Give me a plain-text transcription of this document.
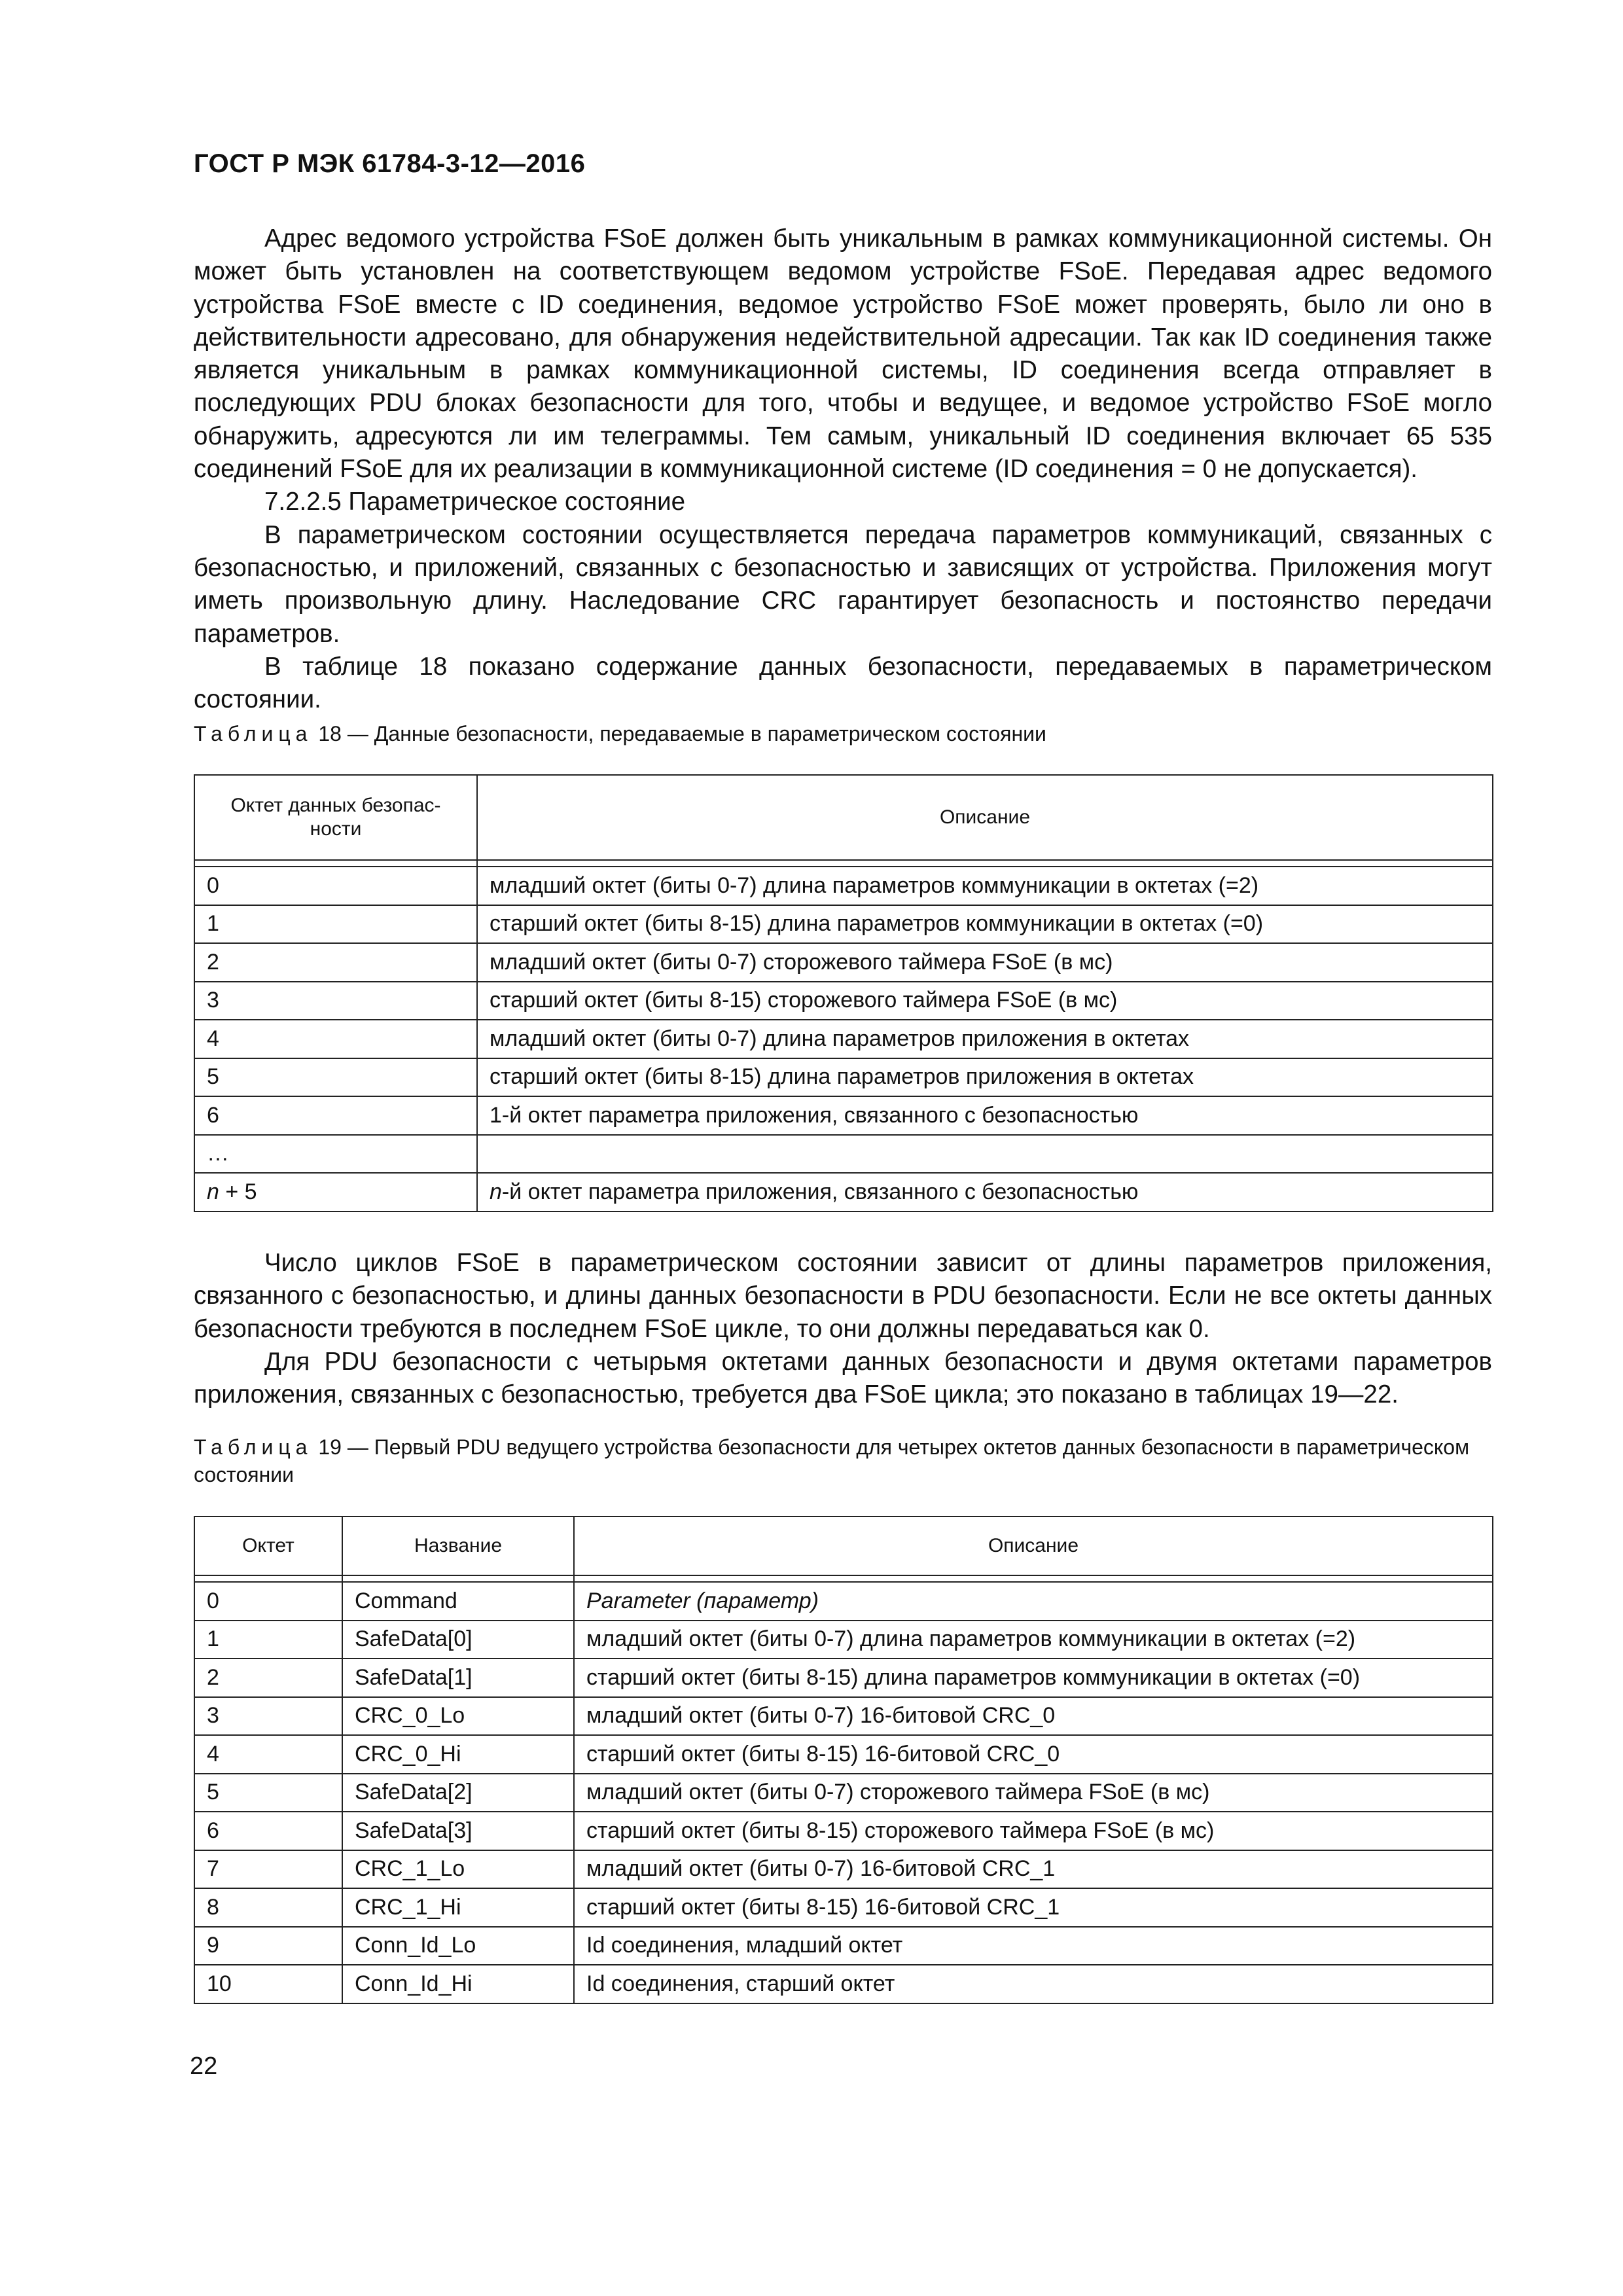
ГОСТ Р МЭК 61784-3-12—2016

Адрес ведомого устройства FSoE должен быть уникальным в рамках коммуникационной системы. Он может быть установлен на соответствующем ведомом устройстве FSoE. Передавая адрес ведомого устройства FSoE вместе с ID соединения, ведомое устройство FSoE может проверять, было ли оно в действительности адресовано, для обнаружения недействительной адресации. Так как ID соединения также является уникальным в рамках коммуникационной системы, ID соединения всегда отправляет в последующих PDU блоках безопасности для того, чтобы и ведущее, и ведомое устройство FSoE могло обнаружить, адресуются ли им телеграммы. Тем самым, уникальный ID соединения включает 65 535 соединений FSoE для их реализации в коммуникационной системе (ID соединения = 0 не допускается).

7.2.2.5 Параметрическое состояние

В параметрическом состоянии осуществляется передача параметров коммуникаций, связанных с безопасностью, и приложений, связанных с безопасностью и зависящих от устройства. Приложения могут иметь произвольную длину. Наследование CRC гарантирует безопасность и постоянство передачи параметров.

В таблице 18 показано содержание данных безопасности, передаваемых в параметрическом состоянии.

Таблица 18 — Данные безопасности, передаваемые в параметрическом состоянии
Октет данных безопас-
ности	Описание

0	младший октет (биты 0-7) длина параметров коммуникации в октетах (=2)
1	старший октет (биты 8-15) длина параметров коммуникации в октетах (=0)
2	младший октет (биты 0-7) сторожевого таймера FSoE (в мс)
3	старший октет (биты 8-15) сторожевого таймера FSoE (в мс)
4	младший октет (биты 0-7) длина параметров приложения в октетах
5	старший октет (биты 8-15) длина параметров приложения в октетах
6	1-й октет параметра приложения, связанного с безопасностью
…	
n + 5	n-й октет параметра приложения, связанного с безопасностью

Число циклов FSoE в параметрическом состоянии зависит от длины параметров приложения, связанного с безопасностью, и длины данных безопасности в PDU безопасности. Если не все октеты данных безопасности требуются в последнем FSoE цикле, то они должны передаваться как 0.

Для PDU безопасности с четырьмя октетами данных безопасности и двумя октетами параметров приложения, связанных с безопасностью, требуется два FSoE цикла; это показано в таблицах 19—22.

Таблица 19 — Первый PDU ведущего устройства безопасности для четырех октетов данных безопасности в параметрическом состоянии
Октет	Название	Описание

0	Command	Parameter (параметр)
1	SafeData[0]	младший октет (биты 0-7) длина параметров коммуникации в октетах (=2)
2	SafeData[1]	старший октет (биты 8-15) длина параметров коммуникации в октетах (=0)
3	CRC_0_Lo	младший октет (биты 0-7) 16-битовой CRC_0
4	CRC_0_Hi	старший октет (биты 8-15) 16-битовой CRC_0
5	SafeData[2]	младший октет (биты 0-7) сторожевого таймера FSoE (в мс)
6	SafeData[3]	старший октет (биты 8-15) сторожевого таймера FSoE (в мс)
7	CRC_1_Lo	младший октет (биты 0-7) 16-битовой CRC_1
8	CRC_1_Hi	старший октет (биты 8-15) 16-битовой CRC_1
9	Conn_Id_Lo	Id соединения, младший октет
10	Conn_Id_Hi	Id соединения, старший октет
22
